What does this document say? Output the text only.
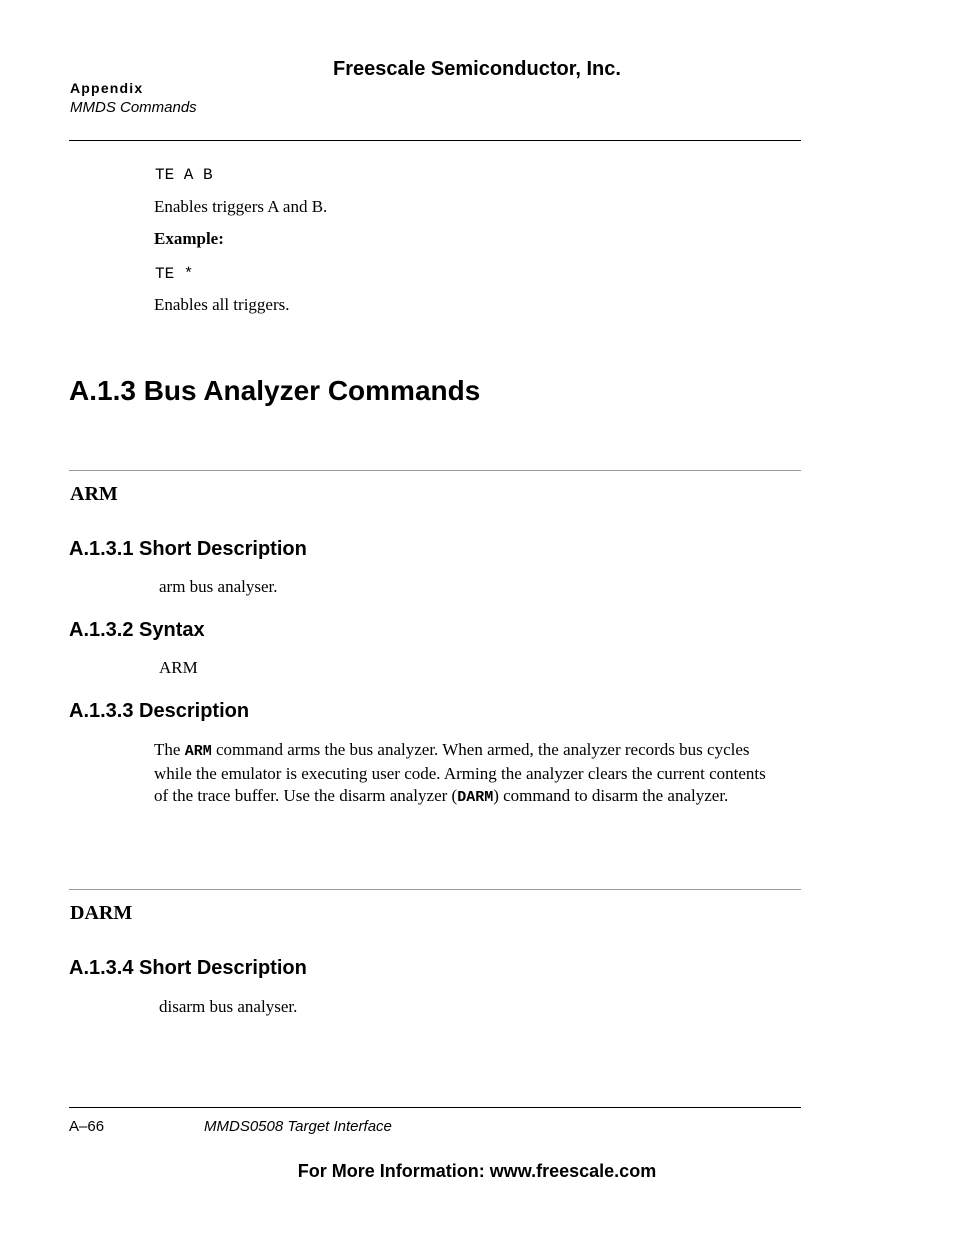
Freescale Semiconductor, Inc.
Appendix
MMDS Commands
TE A B
Enables triggers A and B.
Example:
TE *
Enables all triggers.
A.1.3 Bus Analyzer Commands
ARM
A.1.3.1 Short Description
arm bus analyser.
A.1.3.2 Syntax
ARM
A.1.3.3 Description

The ARM command arms the bus analyzer. When armed, the analyzer records bus cycles while the emulator is executing user code. Arming the analyzer clears the current contents of the trace buffer. Use the disarm analyzer (DARM) command to disarm the analyzer.

DARM
A.1.3.4 Short Description
disarm bus analyser.
A–66	MMDS0508 Target Interface
For More Information: www.freescale.com
